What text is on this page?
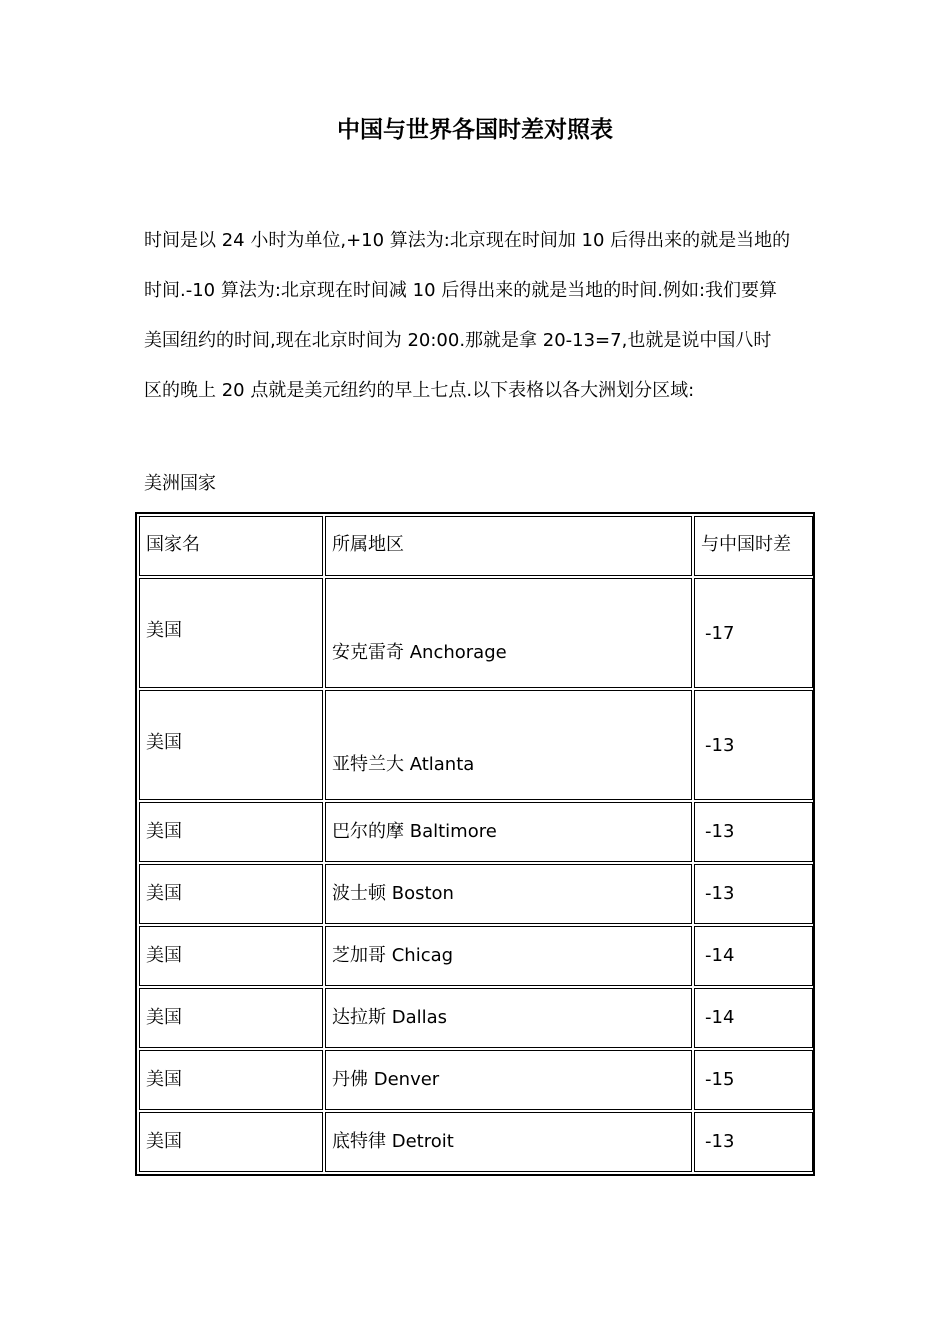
中国与世界各国时差对照表
时间是以 24 小时为单位,+10 算法为:北京现在时间加 10 后得出来的就是当地的
时间.-10 算法为:北京现在时间减 10 后得出来的就是当地的时间.例如:我们要算
美国纽约的时间,现在北京时间为 20:00.那就是拿 20-13=7,也就是说中国八时
区的晚上 20 点就是美元纽约的早上七点.以下表格以各大洲划分区域:
美洲国家
国家名	所属地区	与中国时差

美国	安克雷奇 Anchorage	-17

美国	亚特兰大 Atlanta	-13

美国	巴尔的摩 Baltimore	-13

美国	波士顿 Boston	-13

美国	芝加哥 Chicag	-14

美国	达拉斯 Dallas	-14

美国	丹佛 Denver	-15

美国	底特律 Detroit	-13
